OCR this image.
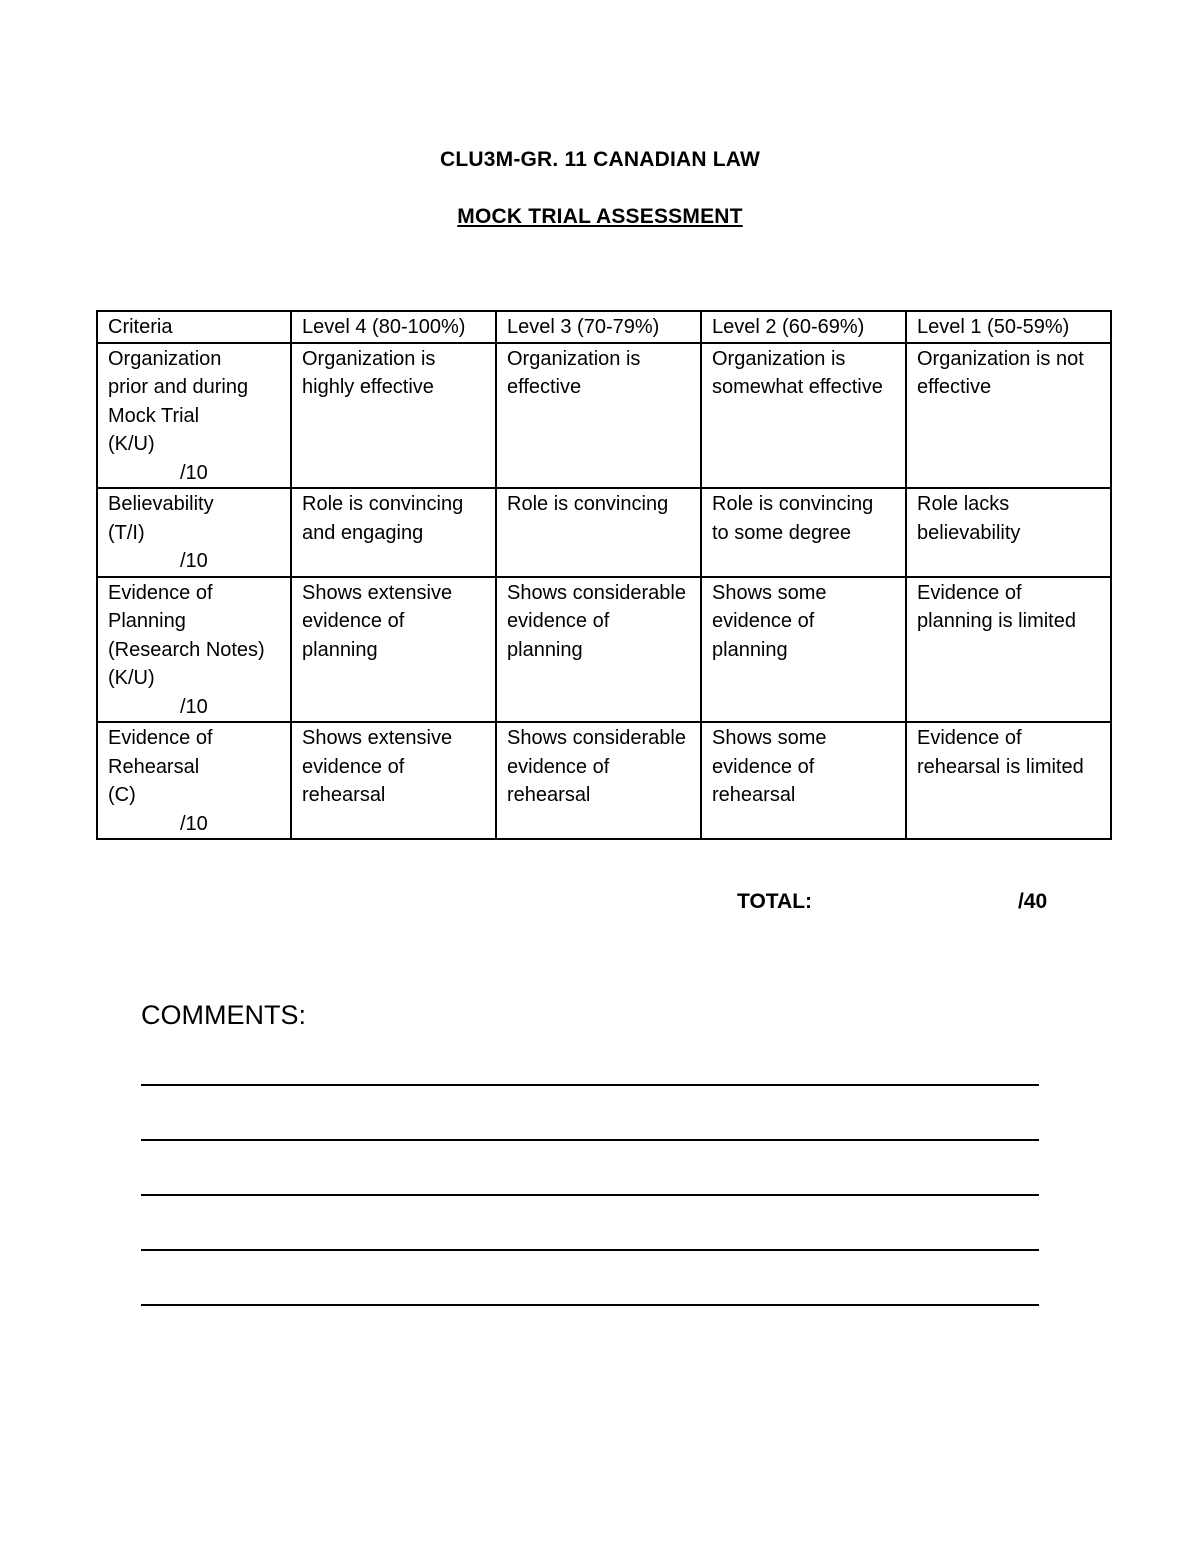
CLU3M-GR. 11 CANADIAN LAW
MOCK TRIAL ASSESSMENT
Criteria	Level 4 (80-100%)	Level 3 (70-79%)	Level 2 (60-69%)	Level 1 (50-59%)

Organization
prior and during
Mock Trial
(K/U)
/10	Organization is highly effective	Organization is effective	Organization is somewhat effective	Organization is not effective

Believability
(T/I)
/10	Role is convincing and engaging	Role is convincing	Role is convincing to some degree	Role lacks believability

Evidence of
Planning
(Research Notes)
(K/U)
/10	Shows extensive evidence of planning	Shows considerable evidence of planning	Shows some evidence of planning	Evidence of planning is limited

Evidence of
Rehearsal
(C)
/10	Shows extensive evidence of rehearsal	Shows considerable evidence of rehearsal	Shows some evidence of rehearsal	Evidence of rehearsal is limited
TOTAL:	/40
COMMENTS:
